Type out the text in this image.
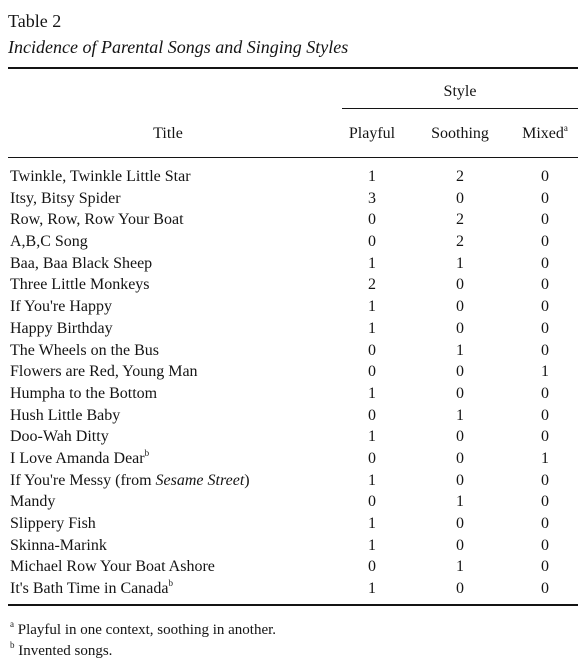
Table 2
Incidence of Parental Songs and Singing Styles
Style
Title	Playful	Soothing	Mixed$^a$
Twinkle, Twinkle Little Star	1	2	0
Itsy, Bitsy Spider	3	0	0
Row, Row, Row Your Boat	0	2	0
A,B,C Song	0	2	0
Baa, Baa Black Sheep	1	1	0
Three Little Monkeys	2	0	0
If You're Happy	1	0	0
Happy Birthday	1	0	0
The Wheels on the Bus	0	1	0
Flowers are Red, Young Man	0	0	1
Humpha to the Bottom	1	0	0
Hush Little Baby	0	1	0
Doo-Wah Ditty	1	0	0
I Love Amanda Dear$^b$	0	0	1
If You're Messy (from Sesame Street)	1	0	0
Mandy	0	1	0
Slippery Fish	1	0	0
Skinna-Marink	1	0	0
Michael Row Your Boat Ashore	0	1	0
It's Bath Time in Canada$^b$	1	0	0
$^a$ Playful in one context, soothing in another.
$^b$ Invented songs.
